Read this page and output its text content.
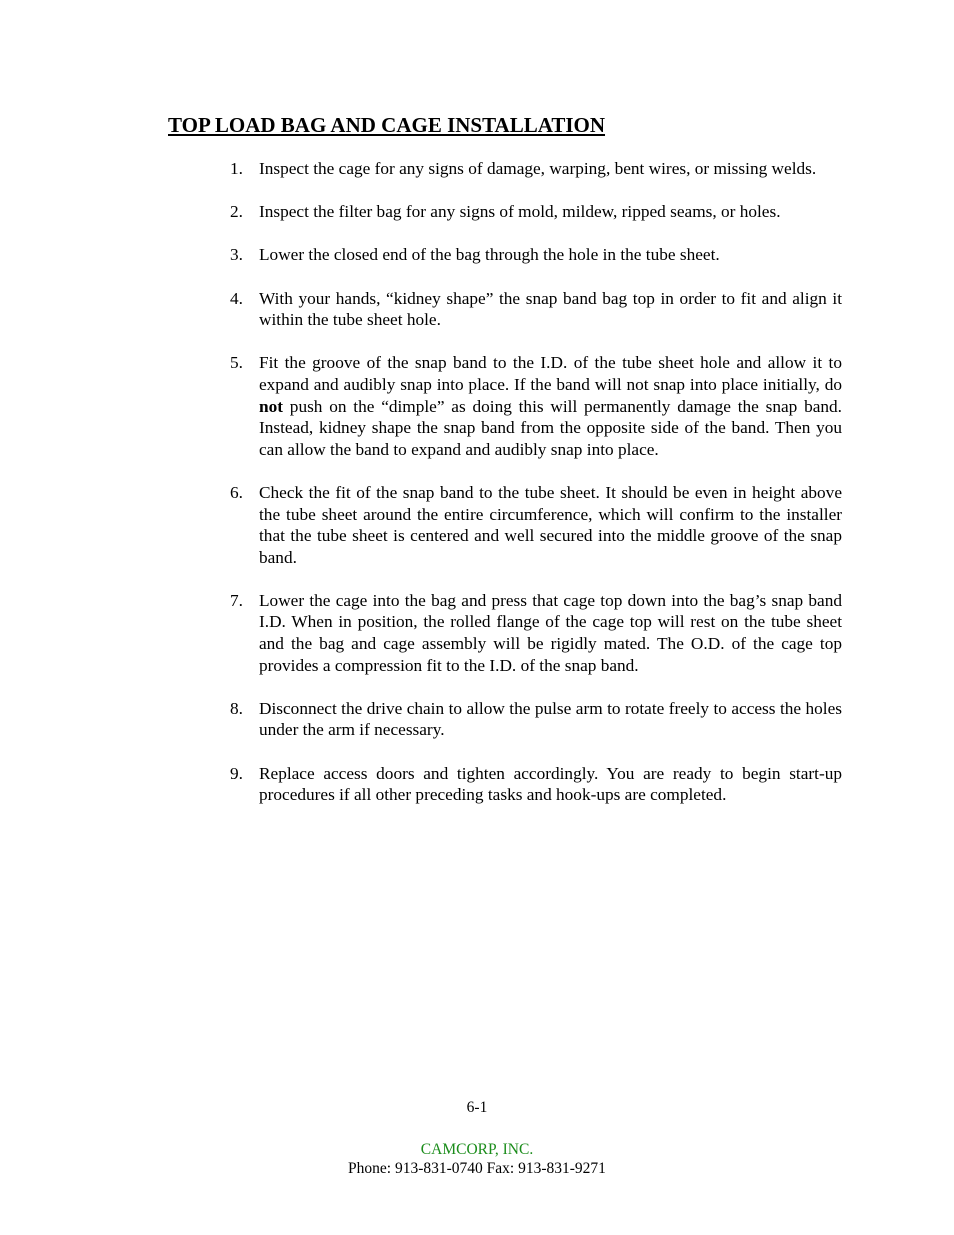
TOP LOAD BAG AND CAGE INSTALLATION
1. Inspect the cage for any signs of damage, warping, bent wires, or missing welds.
2. Inspect the filter bag for any signs of mold, mildew, ripped seams, or holes.
3. Lower the closed end of the bag through the hole in the tube sheet.
4. With your hands, “kidney shape” the snap band bag top in order to fit and align it within the tube sheet hole.
5. Fit the groove of the snap band to the I.D. of the tube sheet hole and allow it to expand and audibly snap into place. If the band will not snap into place initially, do not push on the “dimple” as doing this will permanently damage the snap band. Instead, kidney shape the snap band from the opposite side of the band. Then you can allow the band to expand and audibly snap into place.
6. Check the fit of the snap band to the tube sheet. It should be even in height above the tube sheet around the entire circumference, which will confirm to the installer that the tube sheet is centered and well secured into the middle groove of the snap band.
7. Lower the cage into the bag and press that cage top down into the bag’s snap band I.D. When in position, the rolled flange of the cage top will rest on the tube sheet and the bag and cage assembly will be rigidly mated. The O.D. of the cage top provides a compression fit to the I.D. of the snap band.
8. Disconnect the drive chain to allow the pulse arm to rotate freely to access the holes under the arm if necessary.
9. Replace access doors and tighten accordingly. You are ready to begin start-up procedures if all other preceding tasks and hook-ups are completed.
6-1
CAMCORP, INC.
Phone: 913-831-0740 Fax: 913-831-9271
